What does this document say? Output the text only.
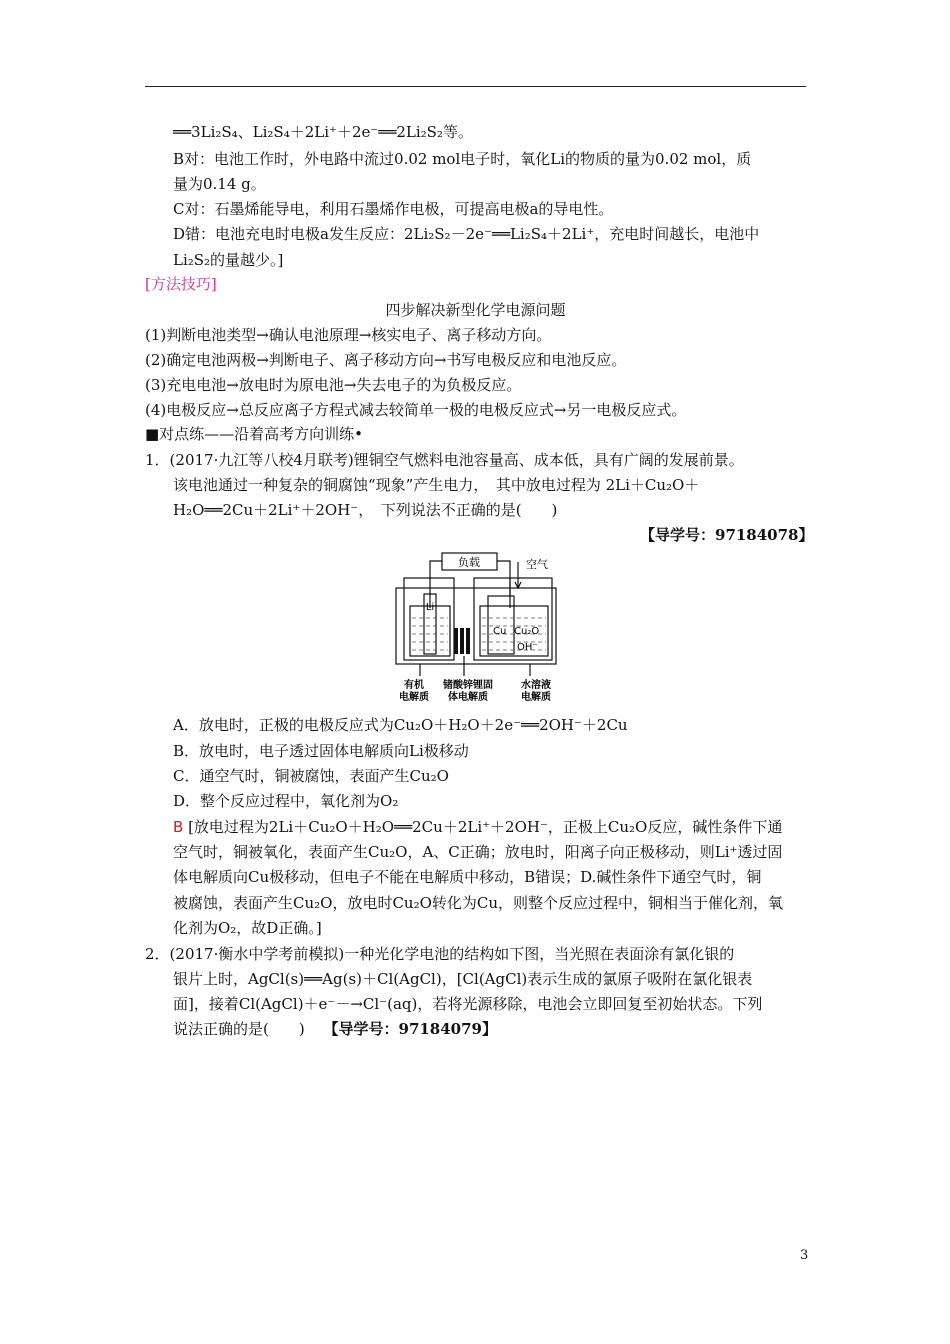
══3Li₂S₄、Li₂S₄＋2Li⁺＋2e⁻══2Li₂S₂等。
B对：电池工作时，外电路中流过0.02 mol电子时，氧化Li的物质的量为0.02 mol，质
量为0.14 g。
C对：石墨烯能导电，利用石墨烯作电极，可提高电极a的导电性。
D错：电池充电时电极a发生反应：2Li₂S₂－2e⁻══Li₂S₄＋2Li⁺，充电时间越长，电池中
Li₂S₂的量越少。]
[方法技巧]
四步解决新型化学电源问题
(1)判断电池类型→确认电池原理→核实电子、离子移动方向。
(2)确定电池两极→判断电子、离子移动方向→书写电极反应和电池反应。
(3)充电电池→放电时为原电池→失去电子的为负极反应。
(4)电极反应→总反应离子方程式减去较简单一极的电极反应式→另一电极反应式。
■对点练——沿着高考方向训练•
1．(2017·九江等八校4月联考)锂铜空气燃料电池容量高、成本低，具有广阔的发展前景。
该电池通过一种复杂的铜腐蚀“现象”产生电力，　其中放电过程为 2Li＋Cu₂O＋
H₂O══2Cu＋2Li⁺＋2OH⁻，　下列说法不正确的是(　　)
【导学号：97184078】
负载	空气
Li
Cu Cu₂O
OH⁻
有机
电解质
锗酸锌锂固
体电解质
水溶液
电解质
A．放电时，正极的电极反应式为Cu₂O＋H₂O＋2e⁻══2OH⁻＋2Cu
B．放电时，电子透过固体电解质向Li极移动
C．通空气时，铜被腐蚀，表面产生Cu₂O
D．整个反应过程中，氧化剂为O₂
B [放电过程为2Li＋Cu₂O＋H₂O══2Cu＋2Li⁺＋2OH⁻，正极上Cu₂O反应，碱性条件下通
空气时，铜被氧化，表面产生Cu₂O，A、C正确；放电时，阳离子向正极移动，则Li⁺透过固
体电解质向Cu极移动，但电子不能在电解质中移动，B错误；D.碱性条件下通空气时，铜
被腐蚀，表面产生Cu₂O，放电时Cu₂O转化为Cu，则整个反应过程中，铜相当于催化剂，氧
化剂为O₂，故D正确。]
2．(2017·衡水中学考前模拟)一种光化学电池的结构如下图，当光照在表面涂有氯化银的
银片上时，AgCl(s)══Ag(s)＋Cl(AgCl)，[Cl(AgCl)表示生成的氯原子吸附在氯化银表
面]，接着Cl(AgCl)＋e⁻－→Cl⁻(aq)，若将光源移除，电池会立即回复至初始状态。下列
说法正确的是(　　) 【导学号：97184079】
3
